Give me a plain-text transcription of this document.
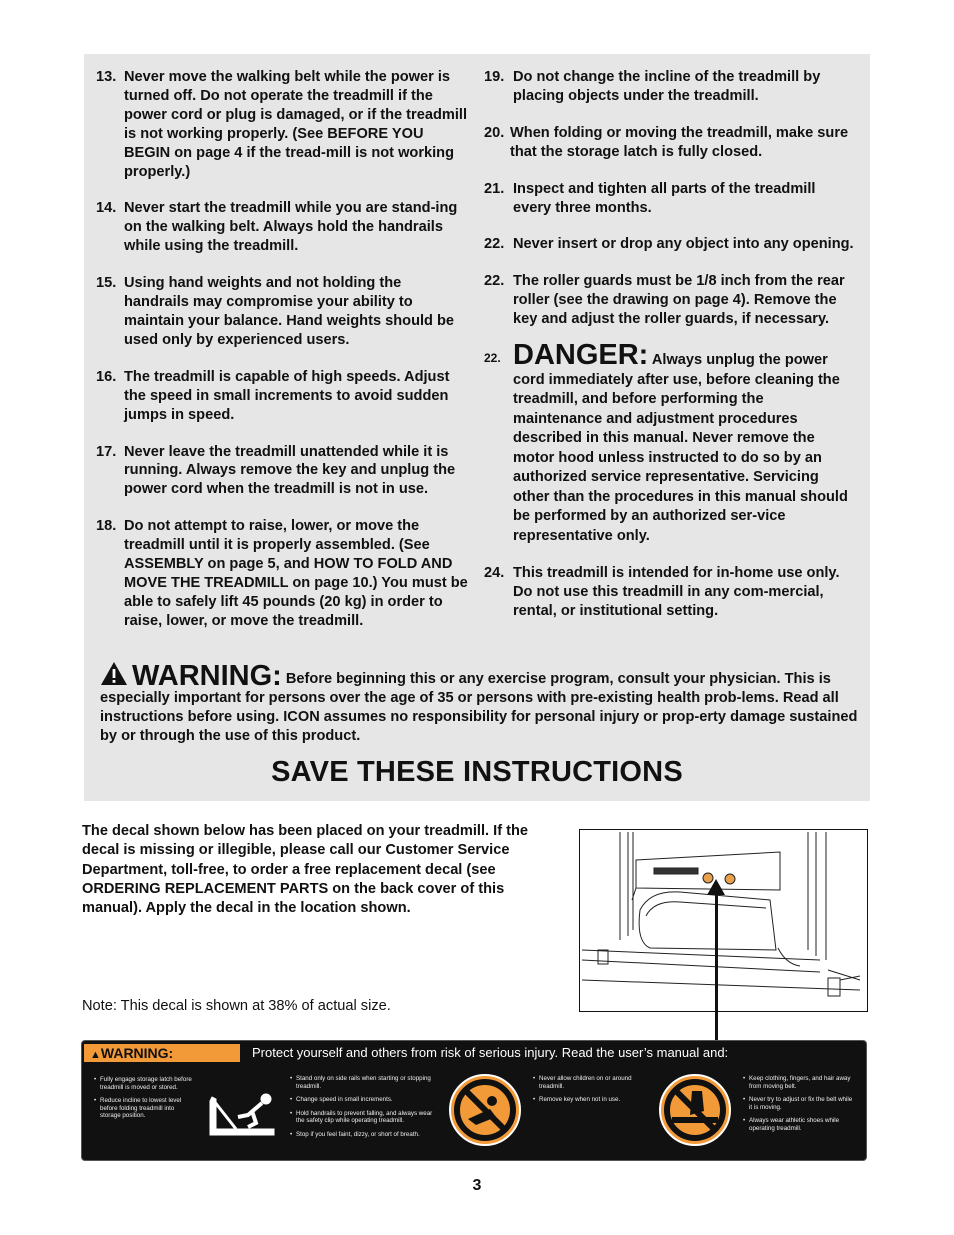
13. Never move the walking belt while the power is turned off. Do not operate the treadmill if the power cord or plug is damaged, or if the treadmill is not working properly. (See BEFORE YOU BEGIN on page 4 if the tread-mill is not working properly.)
14. Never start the treadmill while you are stand-ing on the walking belt. Always hold the handrails while using the treadmill.
15. Using hand weights and not holding the handrails may compromise your ability to maintain your balance. Hand weights should be used only by experienced users.
16. The treadmill is capable of high speeds. Adjust the speed in small increments to avoid sudden jumps in speed.
17. Never leave the treadmill unattended while it is running. Always remove the key and unplug the power cord when the treadmill is not in use.
18. Do not attempt to raise, lower, or move the treadmill until it is properly assembled. (See ASSEMBLY on page 5, and HOW TO FOLD AND MOVE THE TREADMILL on page 10.) You must be able to safely lift 45 pounds (20 kg) in order to raise, lower, or move the treadmill.
19. Do not change the incline of the treadmill by placing objects under the treadmill.
20. When folding or moving the treadmill, make sure that the storage latch is fully closed.
21. Inspect and tighten all parts of the treadmill every three months.
22. Never insert or drop any object into any opening.
22. The roller guards must be 1/8 inch from the rear roller (see the drawing on page 4). Remove the key and adjust the roller guards, if necessary.
22. DANGER: Always unplug the power cord immediately after use, before cleaning the treadmill, and before performing the maintenance and adjustment procedures described in this manual. Never remove the motor hood unless instructed to do so by an authorized service representative. Servicing other than the procedures in this manual should be performed by an authorized ser-vice representative only.
24. This treadmill is intended for in-home use only. Do not use this treadmill in any com-mercial, rental, or institutional setting.
WARNING: Before beginning this or any exercise program, consult your physician. This is especially important for persons over the age of 35 or persons with pre-existing health prob-lems. Read all instructions before using. ICON assumes no responsibility for personal injury or prop-erty damage sustained by or through the use of this product.
SAVE THESE INSTRUCTIONS
The decal shown below has been placed on your treadmill. If the decal is missing or illegible, please call our Customer Service Department, toll-free, to order a free replacement decal (see ORDERING REPLACEMENT PARTS on the back cover of this manual). Apply the decal in the location shown.
Note: This decal is shown at 38% of actual size.
▲WARNING:	Protect yourself and others from risk of serious injury. Read the user’s manual and:
• Fully engage storage latch before treadmill is moved or stored.
• Reduce incline to lowest level before folding treadmill into storage position.
• Stand only on side rails when starting or stopping treadmill.
• Change speed in small increments.
• Hold handrails to prevent falling, and always wear the safety clip while operating treadmill.
• Stop if you feel faint, dizzy, or short of breath.
• Never allow children on or around treadmill.
• Remove key when not in use.
• Keep clothing, fingers, and hair away from moving belt.
• Never try to adjust or fix the belt while it is moving.
• Always wear athletic shoes while operating treadmill.
3
